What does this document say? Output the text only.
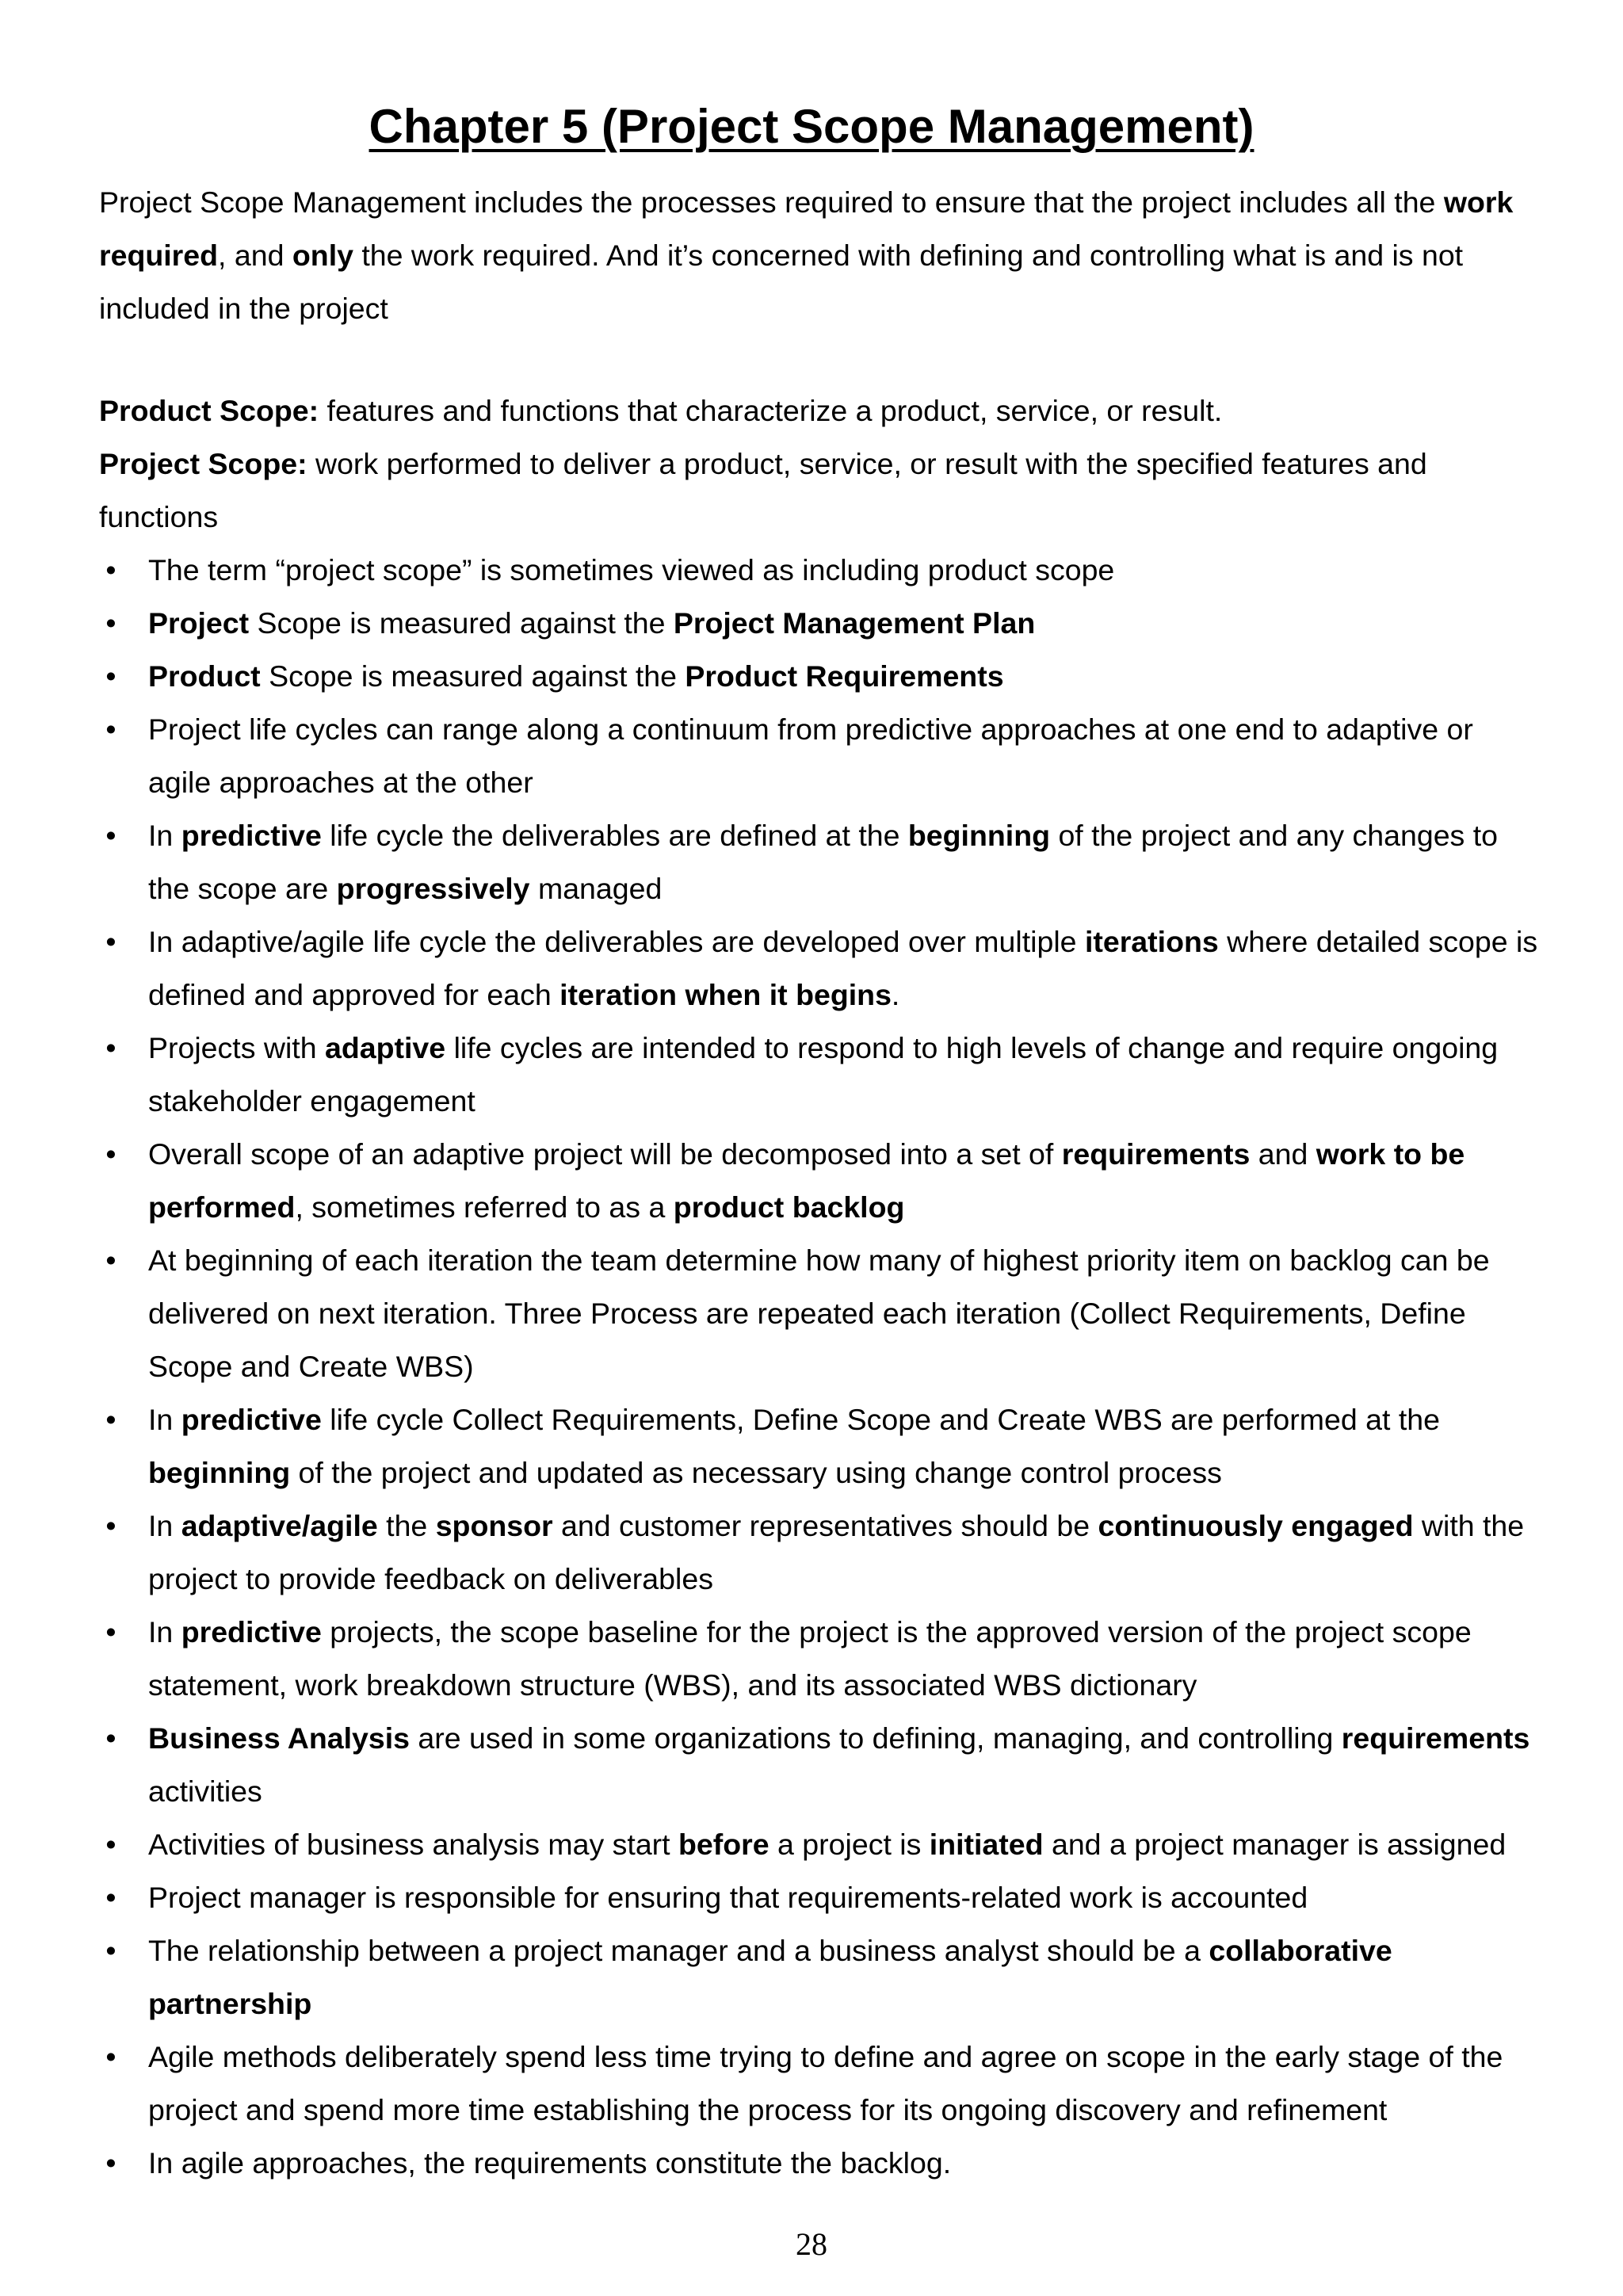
Chapter 5 (Project Scope Management)

Project Scope Management includes the processes required to ensure that the project includes all the work required, and only the work required. And it’s concerned with defining and controlling what is and is not included in the project

Product Scope: features and functions that characterize a product, service, or result.

Project Scope: work performed to deliver a product, service, or result with the specified features and functions

• The term “project scope” is sometimes viewed as including product scope
• Project Scope is measured against the Project Management Plan
• Product Scope is measured against the Product Requirements
• Project life cycles can range along a continuum from predictive approaches at one end to adaptive or agile approaches at the other
• In predictive life cycle the deliverables are defined at the beginning of the project and any changes to the scope are progressively managed
• In adaptive/agile life cycle the deliverables are developed over multiple iterations where detailed scope is defined and approved for each iteration when it begins.
• Projects with adaptive life cycles are intended to respond to high levels of change and require ongoing stakeholder engagement
• Overall scope of an adaptive project will be decomposed into a set of requirements and work to be performed, sometimes referred to as a product backlog
• At beginning of each iteration the team determine how many of highest priority item on backlog can be delivered on next iteration. Three Process are repeated each iteration (Collect Requirements, Define Scope and Create WBS)
• In predictive life cycle Collect Requirements, Define Scope and Create WBS are performed at the beginning of the project and updated as necessary using change control process
• In adaptive/agile the sponsor and customer representatives should be continuously engaged with the project to provide feedback on deliverables
• In predictive projects, the scope baseline for the project is the approved version of the project scope statement, work breakdown structure (WBS), and its associated WBS dictionary
• Business Analysis are used in some organizations to defining, managing, and controlling requirements activities
• Activities of business analysis may start before a project is initiated and a project manager is assigned
• Project manager is responsible for ensuring that requirements-related work is accounted
• The relationship between a project manager and a business analyst should be a collaborative partnership
• Agile methods deliberately spend less time trying to define and agree on scope in the early stage of the project and spend more time establishing the process for its ongoing discovery and refinement
• In agile approaches, the requirements constitute the backlog.
28
